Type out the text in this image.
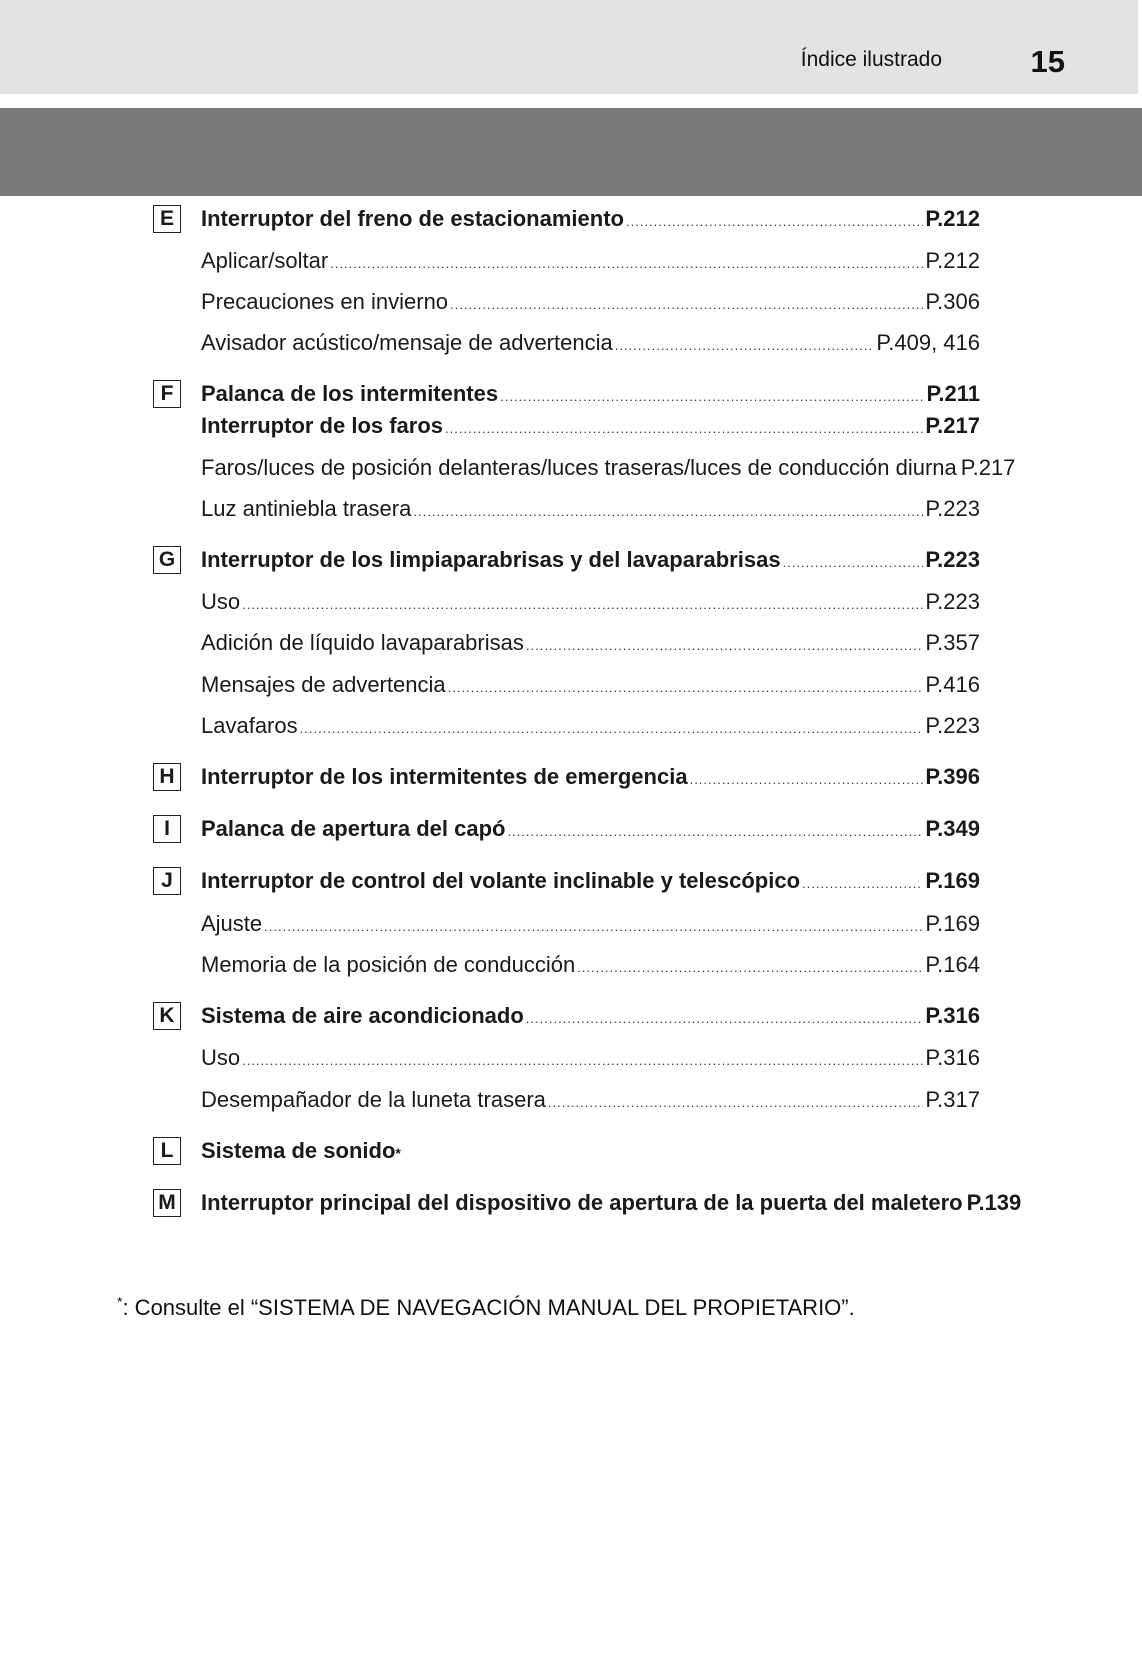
Índice ilustrado	15
E	Interruptor del freno de estacionamiento .....	P.212
Aplicar/soltar .....	P.212
Precauciones en invierno .....	P.306
Avisador acústico/mensaje de advertencia .....	P.409, 416
F	Palanca de los intermitentes .....	P.211
Interruptor de los faros .....	P.217
Faros/luces de posición delanteras/luces traseras/luces de conducción diurna P.217
Luz antiniebla trasera .....	P.223
G Interruptor de los limpiaparabrisas y del lavaparabrisas .....	P.223
Uso .....	P.223
Adición de líquido lavaparabrisas .....	P.357
Mensajes de advertencia .....	P.416
Lavafaros .....	P.223
H Interruptor de los intermitentes de emergencia .....	P.396
I	Palanca de apertura del capó .....	P.349
J	Interruptor de control del volante inclinable y telescópico .....	P.169
Ajuste .....	P.169
Memoria de la posición de conducción .....	P.164
K Sistema de aire acondicionado .....	P.316
Uso .....	P.316
Desempañador de la luneta trasera .....	P.317
L	Sistema de sonido *
M Interruptor principal del dispositivo de apertura de la puerta del maletero P.139
*: Consulte el “SISTEMA DE NAVEGACIÓN MANUAL DEL PROPIETARIO”.
